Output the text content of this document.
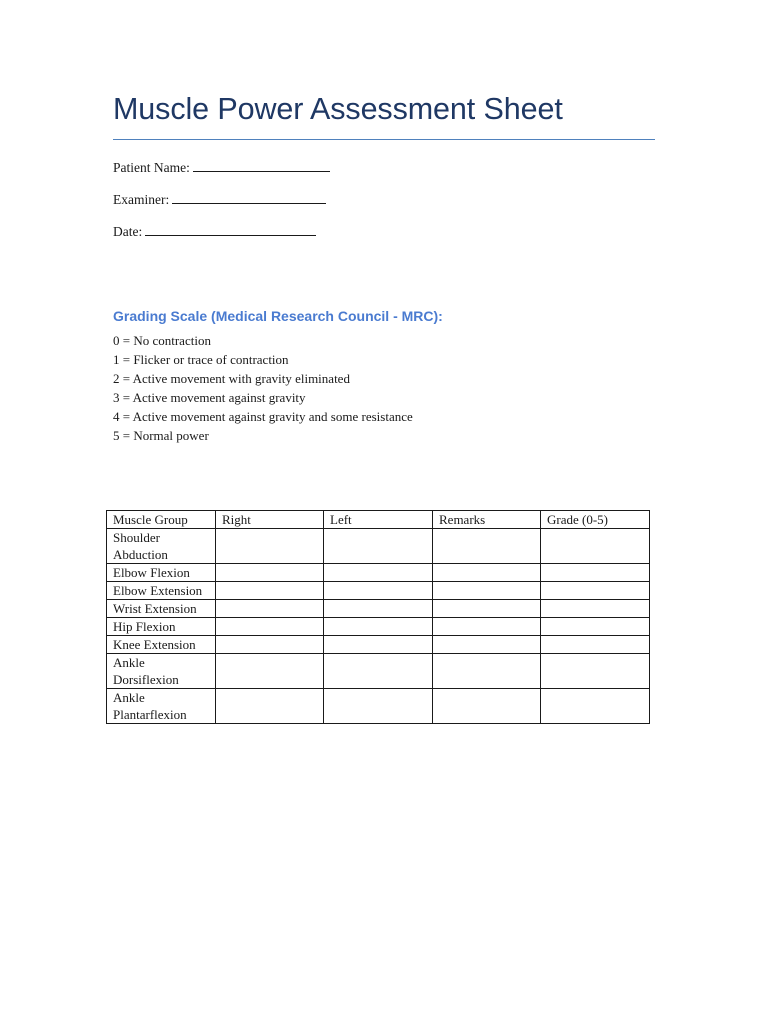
Muscle Power Assessment Sheet
Patient Name:
Examiner:
Date:
Grading Scale (Medical Research Council - MRC):
0 = No contraction
1 = Flicker or trace of contraction
2 = Active movement with gravity eliminated
3 = Active movement against gravity
4 = Active movement against gravity and some resistance
5 = Normal power
Muscle Group	Right	Left	Remarks	Grade (0-5)
Shoulder Abduction				
Elbow Flexion				
Elbow Extension				
Wrist Extension				
Hip Flexion				
Knee Extension				
Ankle Dorsiflexion				
Ankle Plantarflexion				
